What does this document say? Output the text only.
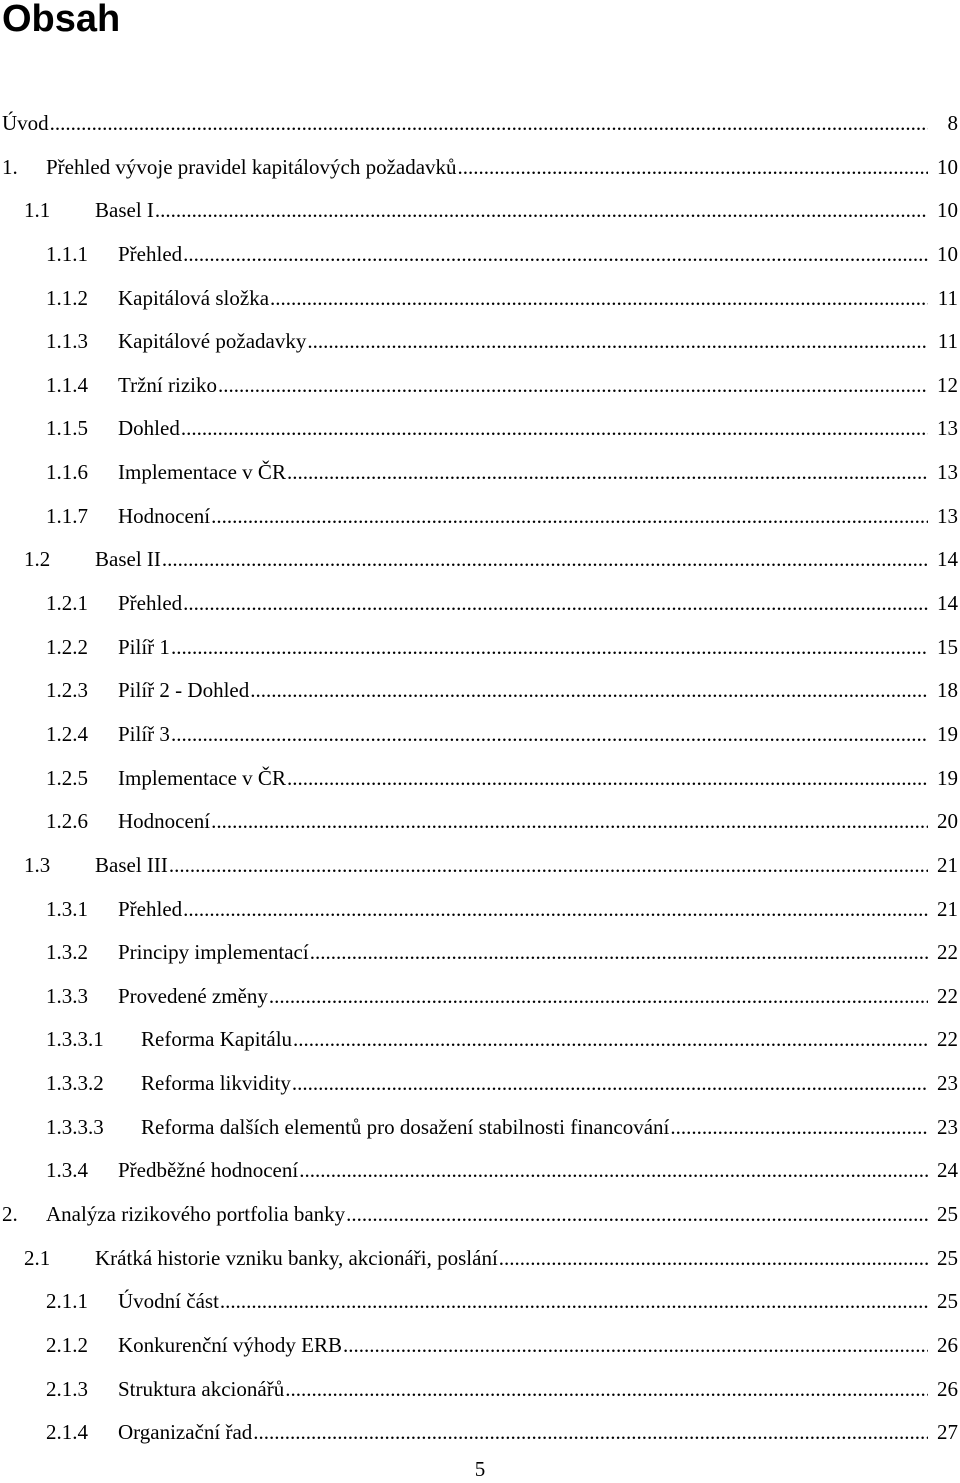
Obsah
Úvod .....	8
1. Přehled vývoje pravidel kapitálových požadavků .....	10
1.1 Basel I .....	10
1.1.1 Přehled .....	10
1.1.2 Kapitálová složka .....	11
1.1.3 Kapitálové požadavky .....	11
1.1.4 Tržní riziko .....	12
1.1.5 Dohled .....	13
1.1.6 Implementace v ČR .....	13
1.1.7 Hodnocení .....	13
1.2 Basel II .....	14
1.2.1 Přehled .....	14
1.2.2 Pilíř 1 .....	15
1.2.3 Pilíř 2 - Dohled .....	18
1.2.4 Pilíř 3 .....	19
1.2.5 Implementace v ČR .....	19
1.2.6 Hodnocení .....	20
1.3 Basel III .....	21
1.3.1 Přehled .....	21
1.3.2 Principy implementací .....	22
1.3.3 Provedené změny .....	22
1.3.3.1 Reforma Kapitálu .....	22
1.3.3.2 Reforma likvidity .....	23
1.3.3.3 Reforma dalších elementů pro dosažení stabilnosti financování .....	23
1.3.4 Předběžné hodnocení .....	24
2. Analýza rizikového portfolia banky .....	25
2.1 Krátká historie vzniku banky, akcionáři, poslání .....	25
2.1.1 Úvodní část .....	25
2.1.2 Konkurenční výhody ERB .....	26
2.1.3 Struktura akcionářů .....	26
2.1.4 Organizační řad .....	27
5
